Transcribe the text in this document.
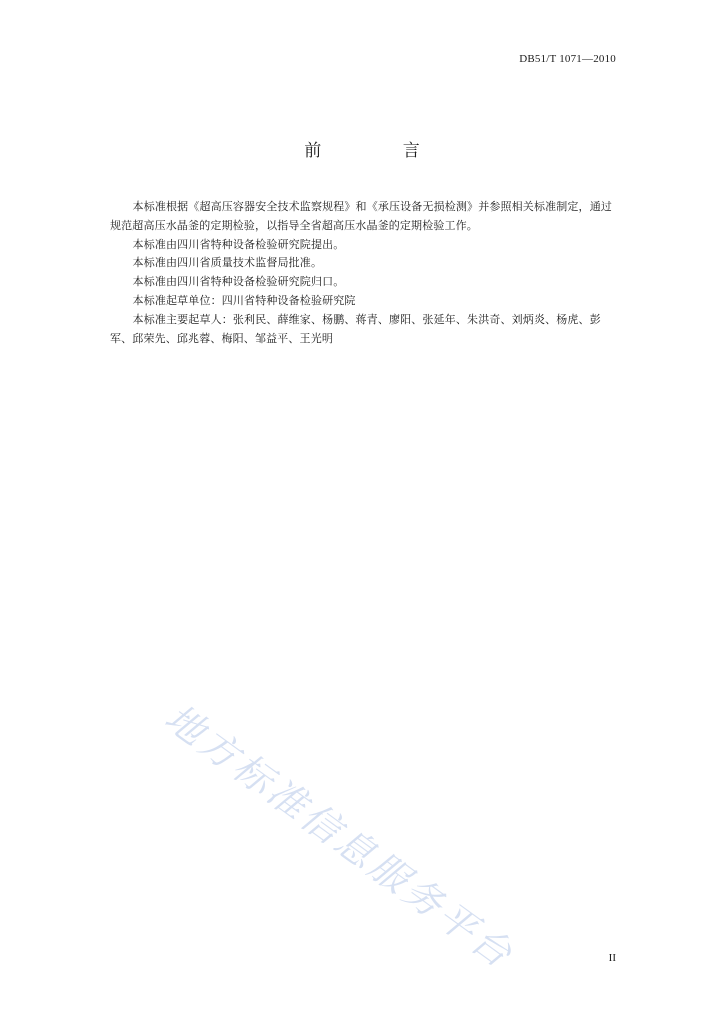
DB51/T 1071—2010
前 言

本标准根据《超高压容器安全技术监察规程》和《承压设备无损检测》并参照相关标准制定，通过规范超高压水晶釜的定期检验，以指导全省超高压水晶釜的定期检验工作。

本标准由四川省特种设备检验研究院提出。

本标准由四川省质量技术监督局批准。

本标准由四川省特种设备检验研究院归口。

本标准起草单位：四川省特种设备检验研究院

本标准主要起草人：张利民、薛维家、杨鹏、蒋青、廖阳、张延年、朱洪奇、刘炳炎、杨虎、彭军、邱荣先、邱兆蓉、梅阳、邹益平、王光明

地方标准信息服务平台	II
